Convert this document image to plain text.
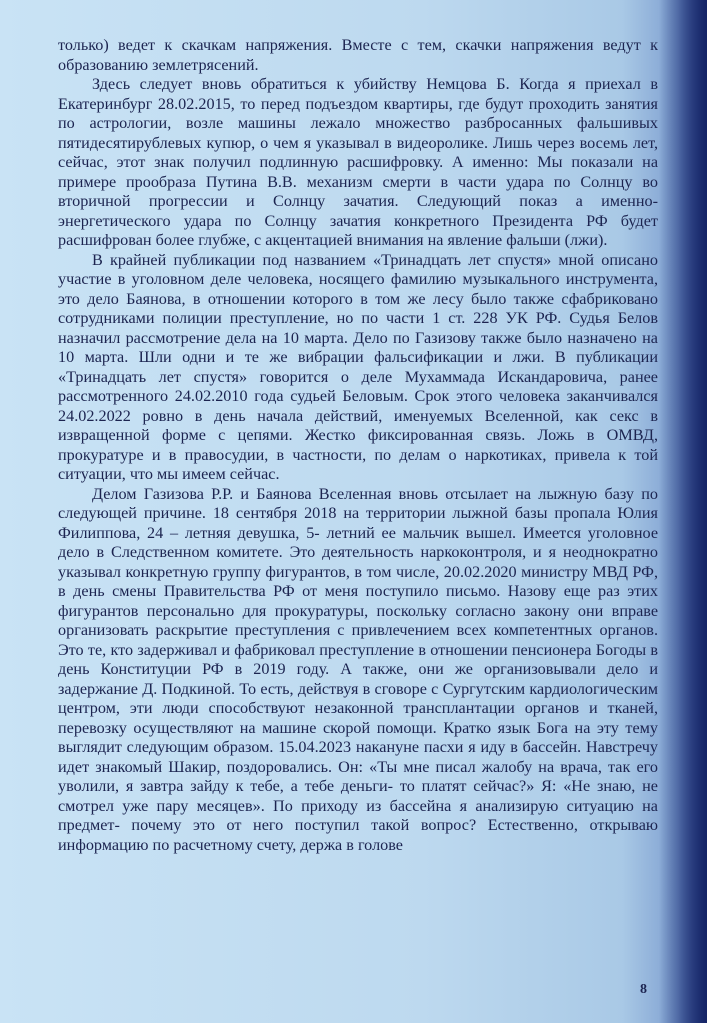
только) ведет к скачкам напряжения. Вместе с тем, скачки напряжения ведут к образованию землетрясений.

Здесь следует вновь обратиться к убийству Немцова Б. Когда я приехал в Екатеринбург 28.02.2015, то перед подъездом квартиры, где будут проходить занятия по астрологии, возле машины лежало множество разбросанных фальшивых пятидесятирублевых купюр, о чем я указывал в видеоролике. Лишь через восемь лет, сейчас, этот знак получил подлинную расшифровку. А именно: Мы показали на примере прообраза Путина В.В. механизм смерти в части удара по Солнцу во вторичной прогрессии и Солнцу зачатия. Следующий показ а именно- энергетического удара по Солнцу зачатия конкретного Президента РФ будет расшифрован более глубже, с акцентацией внимания на явление фальши (лжи).

В крайней публикации под названием «Тринадцать лет спустя» мной описано участие в уголовном деле человека, носящего фамилию музыкального инструмента, это дело Баянова, в отношении которого в том же лесу было также сфабриковано сотрудниками полиции преступление, но по части 1 ст. 228 УК РФ. Судья Белов назначил рассмотрение дела на 10 марта. Дело по Газизову также было назначено на 10 марта. Шли одни и те же вибрации фальсификации и лжи. В публикации «Тринадцать лет спустя» говорится о деле Мухаммада Искандаровича, ранее рассмотренного 24.02.2010 года судьей Беловым. Срок этого человека заканчивался 24.02.2022 ровно в день начала действий, именуемых Вселенной, как секс в извращенной форме с цепями. Жестко фиксированная связь. Ложь в ОМВД, прокуратуре и в правосудии, в частности, по делам о наркотиках, привела к той ситуации, что мы имеем сейчас.

Делом Газизова Р.Р. и Баянова Вселенная вновь отсылает на лыжную базу по следующей причине. 18 сентября 2018 на территории лыжной базы пропала Юлия Филиппова, 24 – летняя девушка, 5- летний ее мальчик вышел. Имеется уголовное дело в Следственном комитете. Это деятельность наркоконтроля, и я неоднократно указывал конкретную группу фигурантов, в том числе, 20.02.2020 министру МВД РФ, в день смены Правительства РФ от меня поступило письмо. Назову еще раз этих фигурантов персонально для прокуратуры, поскольку согласно закону они вправе организовать раскрытие преступления с привлечением всех компетентных органов. Это те, кто задерживал и фабриковал преступление в отношении пенсионера Богоды в день Конституции РФ в 2019 году. А также, они же организовывали дело и задержание Д. Подкиной. То есть, действуя в сговоре с Сургутским кардиологическим центром, эти люди способствуют незаконной трансплантации органов и тканей, перевозку осуществляют на машине скорой помощи. Кратко язык Бога на эту тему выглядит следующим образом. 15.04.2023 накануне пасхи я иду в бассейн. Навстречу идет знакомый Шакир, поздоровались. Он: «Ты мне писал жалобу на врача, так его уволили, я завтра зайду к тебе, а тебе деньги- то платят сейчас?» Я: «Не знаю, не смотрел уже пару месяцев». По приходу из бассейна я анализирую ситуацию на предмет- почему это от него поступил такой вопрос? Естественно, открываю информацию по расчетному счету, держа в голове

8
